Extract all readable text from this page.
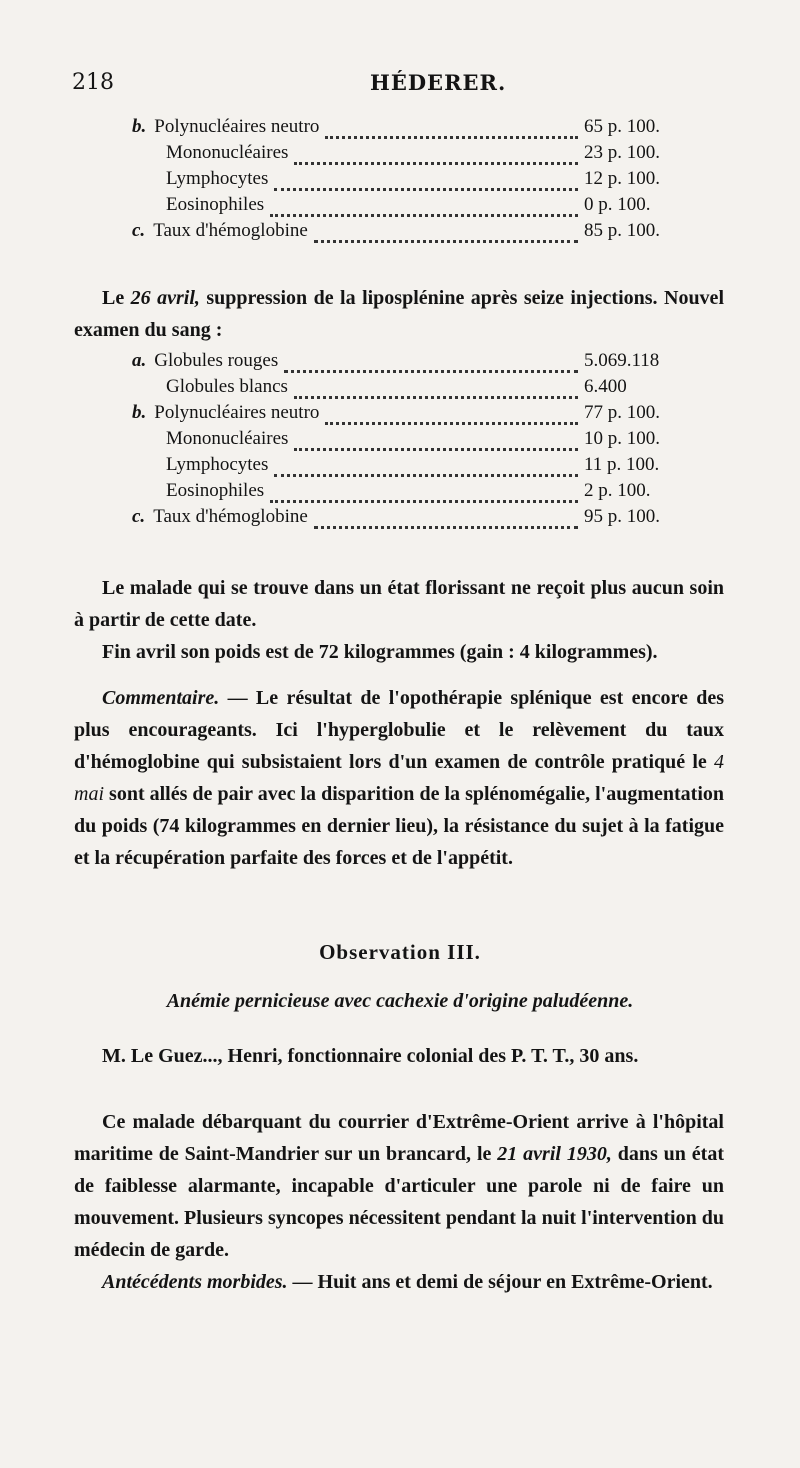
218	HÉDERER.
b. Polynucléaires neutro	65 p. 100.
Mononucléaires	23 p. 100.
Lymphocytes	12 p. 100.
Eosinophiles	0 p. 100.
c. Taux d'hémoglobine	85 p. 100.
Le 26 avril, suppression de la liposplénine après seize injections. Nouvel examen du sang :
a. Globules rouges	5.069.118
Globules blancs	6.400
b. Polynucléaires neutro	77 p. 100.
Mononucléaires	10 p. 100.
Lymphocytes	11 p. 100.
Eosinophiles	2 p. 100.
c. Taux d'hémoglobine	95 p. 100.
Le malade qui se trouve dans un état florissant ne reçoit plus aucun soin à partir de cette date.
Fin avril son poids est de 72 kilogrammes (gain : 4 kilogrammes).
Commentaire. — Le résultat de l'opothérapie splénique est encore des plus encourageants. Ici l'hyperglobulie et le relèvement du taux d'hémoglobine qui subsistaient lors d'un examen de contrôle pratiqué le 4 mai sont allés de pair avec la disparition de la splénomégalie, l'augmentation du poids (74 kilogrammes en dernier lieu), la résistance du sujet à la fatigue et la récupération parfaite des forces et de l'appétit.
Observation III.
Anémie pernicieuse avec cachexie d'origine paludéenne.
M. Le Guez..., Henri, fonctionnaire colonial des P. T. T., 30 ans.
Ce malade débarquant du courrier d'Extrême-Orient arrive à l'hôpital maritime de Saint-Mandrier sur un brancard, le 21 avril 1930, dans un état de faiblesse alarmante, incapable d'articuler une parole ni de faire un mouvement. Plusieurs syncopes nécessitent pendant la nuit l'intervention du médecin de garde.
Antécédents morbides. — Huit ans et demi de séjour en Extrême-Orient.
